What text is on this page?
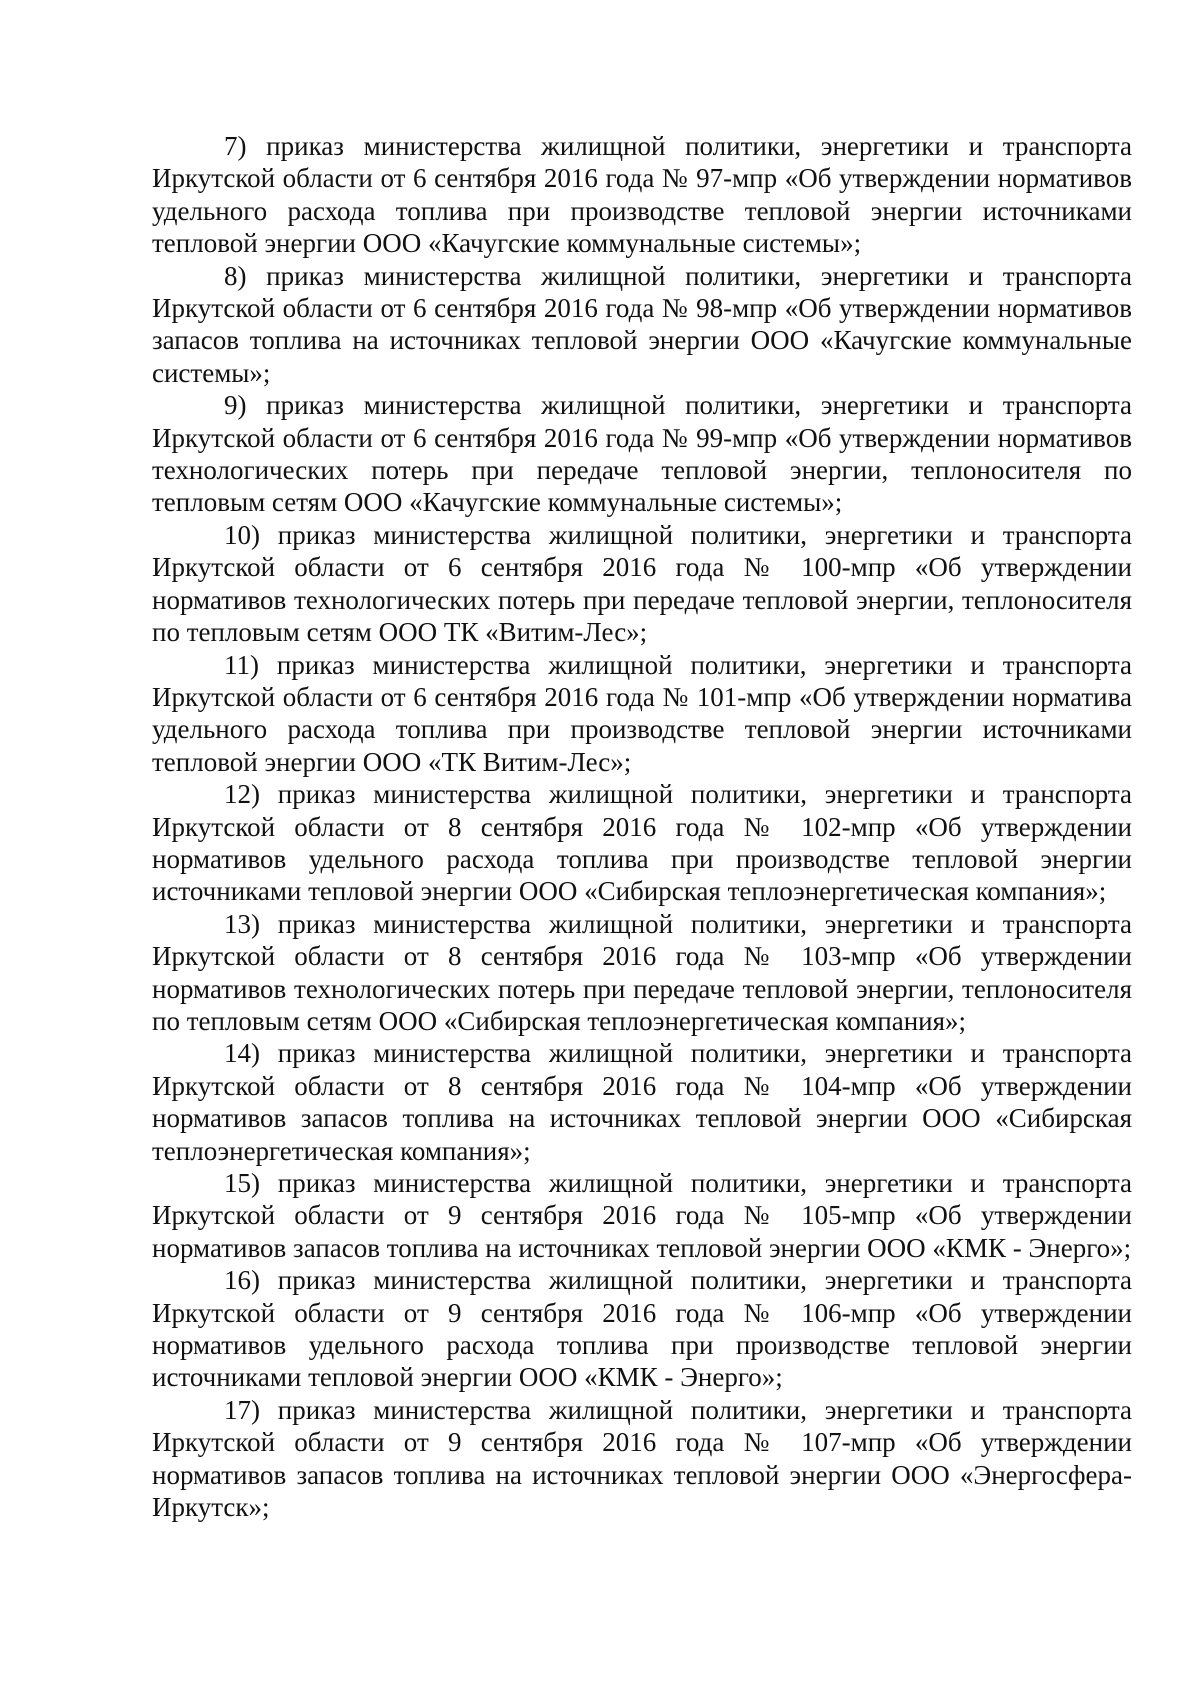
7) приказ министерства жилищной политики, энергетики и транспорта Иркутской области от 6 сентября 2016 года № 97-мпр «Об утверждении нормативов удельного расхода топлива при производстве тепловой энергии источниками тепловой энергии ООО «Качугские коммунальные системы»;

8) приказ министерства жилищной политики, энергетики и транспорта Иркутской области от 6 сентября 2016 года № 98-мпр «Об утверждении нормативов запасов топлива на источниках тепловой энергии ООО «Качугские коммунальные системы»;

9) приказ министерства жилищной политики, энергетики и транспорта Иркутской области от 6 сентября 2016 года № 99-мпр «Об утверждении нормативов технологических потерь при передаче тепловой энергии, теплоносителя по тепловым сетям ООО «Качугские коммунальные системы»;

10) приказ министерства жилищной политики, энергетики и транспорта Иркутской области от 6 сентября 2016 года № 100-мпр «Об утверждении нормативов технологических потерь при передаче тепловой энергии, теплоносителя по тепловым сетям ООО ТК «Витим-Лес»;

11) приказ министерства жилищной политики, энергетики и транспорта Иркутской области от 6 сентября 2016 года № 101-мпр «Об утверждении норматива удельного расхода топлива при производстве тепловой энергии источниками тепловой энергии ООО «ТК Витим-Лес»;

12) приказ министерства жилищной политики, энергетики и транспорта Иркутской области от 8 сентября 2016 года № 102-мпр «Об утверждении нормативов удельного расхода топлива при производстве тепловой энергии источниками тепловой энергии ООО «Сибирская теплоэнергетическая компания»;

13) приказ министерства жилищной политики, энергетики и транспорта Иркутской области от 8 сентября 2016 года № 103-мпр «Об утверждении нормативов технологических потерь при передаче тепловой энергии, теплоносителя по тепловым сетям ООО «Сибирская теплоэнергетическая компания»;

14) приказ министерства жилищной политики, энергетики и транспорта Иркутской области от 8 сентября 2016 года № 104-мпр «Об утверждении нормативов запасов топлива на источниках тепловой энергии ООО «Сибирская теплоэнергетическая компания»;

15) приказ министерства жилищной политики, энергетики и транспорта Иркутской области от 9 сентября 2016 года № 105-мпр «Об утверждении нормативов запасов топлива на источниках тепловой энергии ООО «КМК - Энерго»;

16) приказ министерства жилищной политики, энергетики и транспорта Иркутской области от 9 сентября 2016 года № 106-мпр «Об утверждении нормативов удельного расхода топлива при производстве тепловой энергии источниками тепловой энергии ООО «КМК - Энерго»;

17) приказ министерства жилищной политики, энергетики и транспорта Иркутской области от 9 сентября 2016 года № 107-мпр «Об утверждении нормативов запасов топлива на источниках тепловой энергии ООО «Энергосфера-Иркутск»;
